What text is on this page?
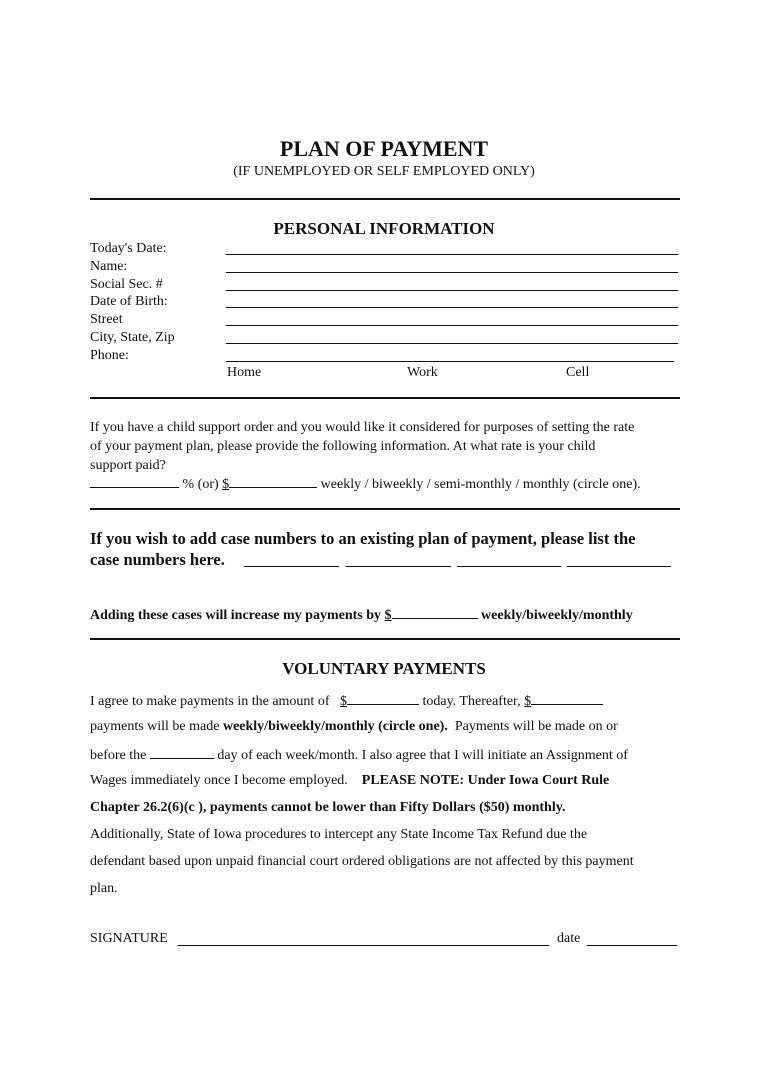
PLAN OF PAYMENT
(IF UNEMPLOYED OR SELF EMPLOYED ONLY)
PERSONAL INFORMATION
Today's Date:
Name:
Social Sec. #
Date of Birth:
Street
City, State, Zip
Phone:
Home	Work	Cell
If you have a child support order and you would like it considered for purposes of setting the rate
of your payment plan, please provide the following information. At what rate is your child
support paid?
% (or) $	weekly / biweekly / semi-monthly / monthly (circle one).
If you wish to add case numbers to an existing plan of payment, please list the
case numbers here.
Adding these cases will increase my payments by $	weekly/biweekly/monthly
VOLUNTARY PAYMENTS
I agree to make payments in the amount of $	today. Thereafter, $
payments will be made weekly/biweekly/monthly (circle one). Payments will be made on or
before the	day of each week/month. I also agree that I will initiate an Assignment of
Wages immediately once I become employed. PLEASE NOTE: Under Iowa Court Rule
Chapter 26.2(6)(c ), payments cannot be lower than Fifty Dollars ($50) monthly.
Additionally, State of Iowa procedures to intercept any State Income Tax Refund due the
defendant based upon unpaid financial court ordered obligations are not affected by this payment
plan.
SIGNATURE	date
